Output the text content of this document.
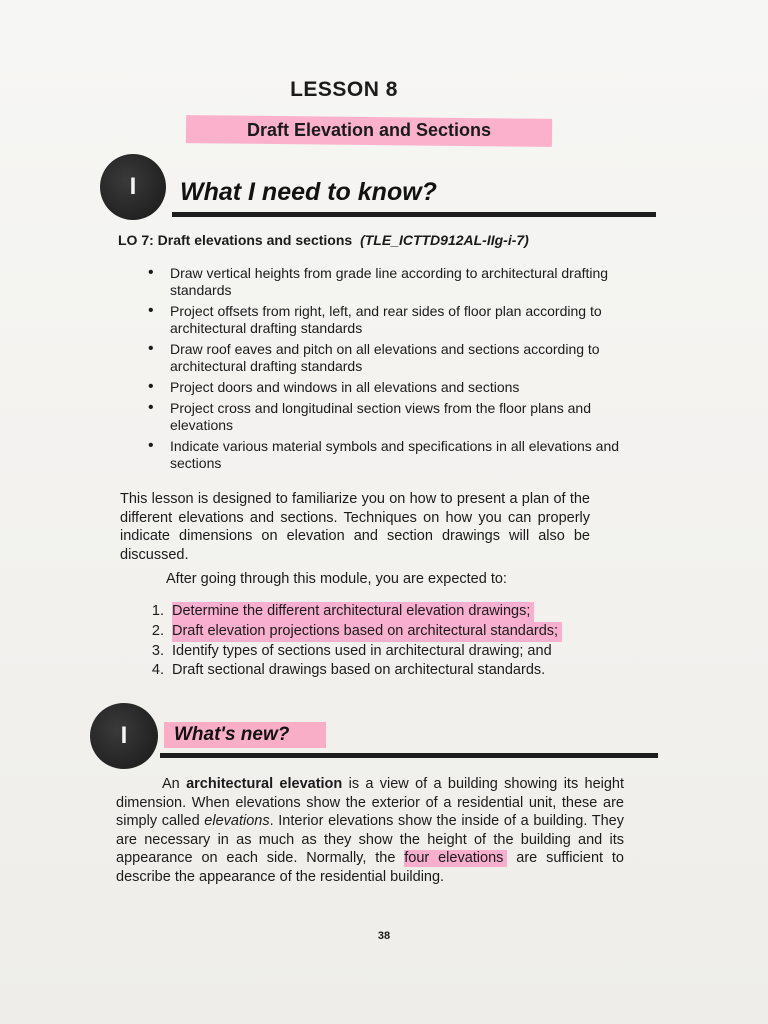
LESSON 8
Draft Elevation and Sections
I What I need to know?
LO 7: Draft elevations and sections (TLE_ICTTD912AL-IIg-i-7)
• Draw vertical heights from grade line according to architectural drafting standards
• Project offsets from right, left, and rear sides of floor plan according to architectural drafting standards
• Draw roof eaves and pitch on all elevations and sections according to architectural drafting standards
• Project doors and windows in all elevations and sections
• Project cross and longitudinal section views from the floor plans and elevations
• Indicate various material symbols and specifications in all elevations and sections
This lesson is designed to familiarize you on how to present a plan of the different elevations and sections. Techniques on how you can properly indicate dimensions on elevation and section drawings will also be discussed.
After going through this module, you are expected to:
1. Determine the different architectural elevation drawings;
2. Draft elevation projections based on architectural standards;
3. Identify types of sections used in architectural drawing; and
4. Draft sectional drawings based on architectural standards.
I What's new?
An architectural elevation is a view of a building showing its height dimension. When elevations show the exterior of a residential unit, these are simply called elevations. Interior elevations show the inside of a building. They are necessary in as much as they show the height of the building and its appearance on each side. Normally, the four elevations are sufficient to describe the appearance of the residential building.
38
